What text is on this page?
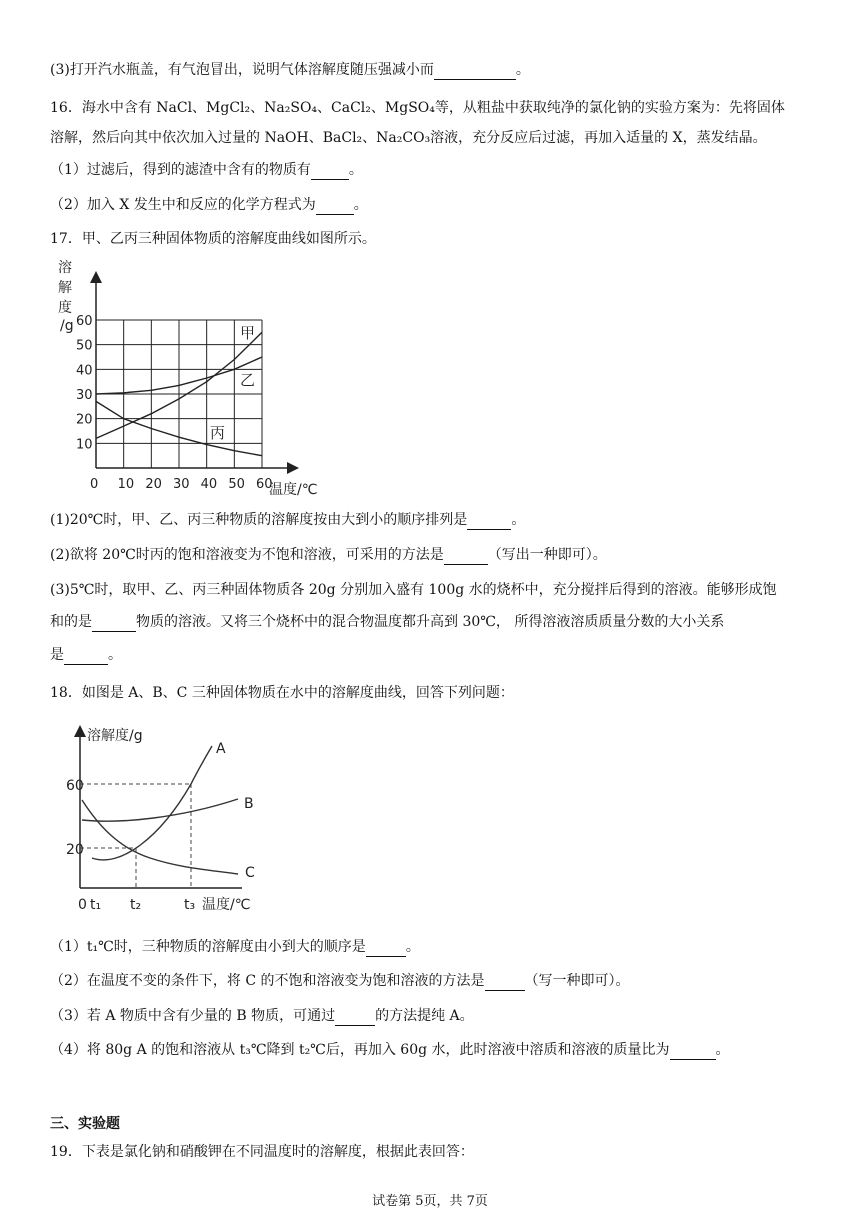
(3)打开汽水瓶盖，有气泡冒出，说明气体溶解度随压强减小而	。
16．海水中含有 NaCl、MgCl₂、Na₂SO₄、CaCl₂、MgSO₄等，从粗盐中获取纯净的氯化钠的实验方案为：先将固体
溶解，然后向其中依次加入过量的 NaOH、BaCl₂、Na₂CO₃溶液，充分反应后过滤，再加入适量的 X，蒸发结晶。
（1）过滤后，得到的滤渣中含有的物质有	。
（2）加入 X 发生中和反应的化学方程式为	。
17．甲、乙丙三种固体物质的溶解度曲线如图所示。
溶
解
度
/g
温度/℃
0 10 20 30 40 50 60
10
20
30
40
50
60
甲
乙
丙
(1)20℃时，甲、乙、丙三种物质的溶解度按由大到小的顺序排列是	。
(2)欲将 20℃时丙的饱和溶液变为不饱和溶液，可采用的方法是	（写出一种即可）。
(3)5℃时，取甲、乙、丙三种固体物质各 20g 分别加入盛有 100g 水的烧杯中，充分搅拌后得到的溶液。能够形成饱
和的是	物质的溶液。又将三个烧杯中的混合物温度都升高到 30℃， 所得溶液溶质质量分数的大小关系
是	。
18．如图是 A、B、C 三种固体物质在水中的溶解度曲线，回答下列问题：
溶解度/g
温度/℃
A
B
C
60
20
0 t₁ t₂	t₃
（1）t₁℃时，三种物质的溶解度由小到大的顺序是	。
（2）在温度不变的条件下，将 C 的不饱和溶液变为饱和溶液的方法是	（写一种即可）。
（3）若 A 物质中含有少量的 B 物质，可通过	的方法提纯 A。
（4）将 80g A 的饱和溶液从 t₃℃降到 t₂℃后，再加入 60g 水，此时溶液中溶质和溶液的质量比为	。
三、实验题
19．下表是氯化钠和硝酸钾在不同温度时的溶解度，根据此表回答：
试卷第 5页，共 7页
